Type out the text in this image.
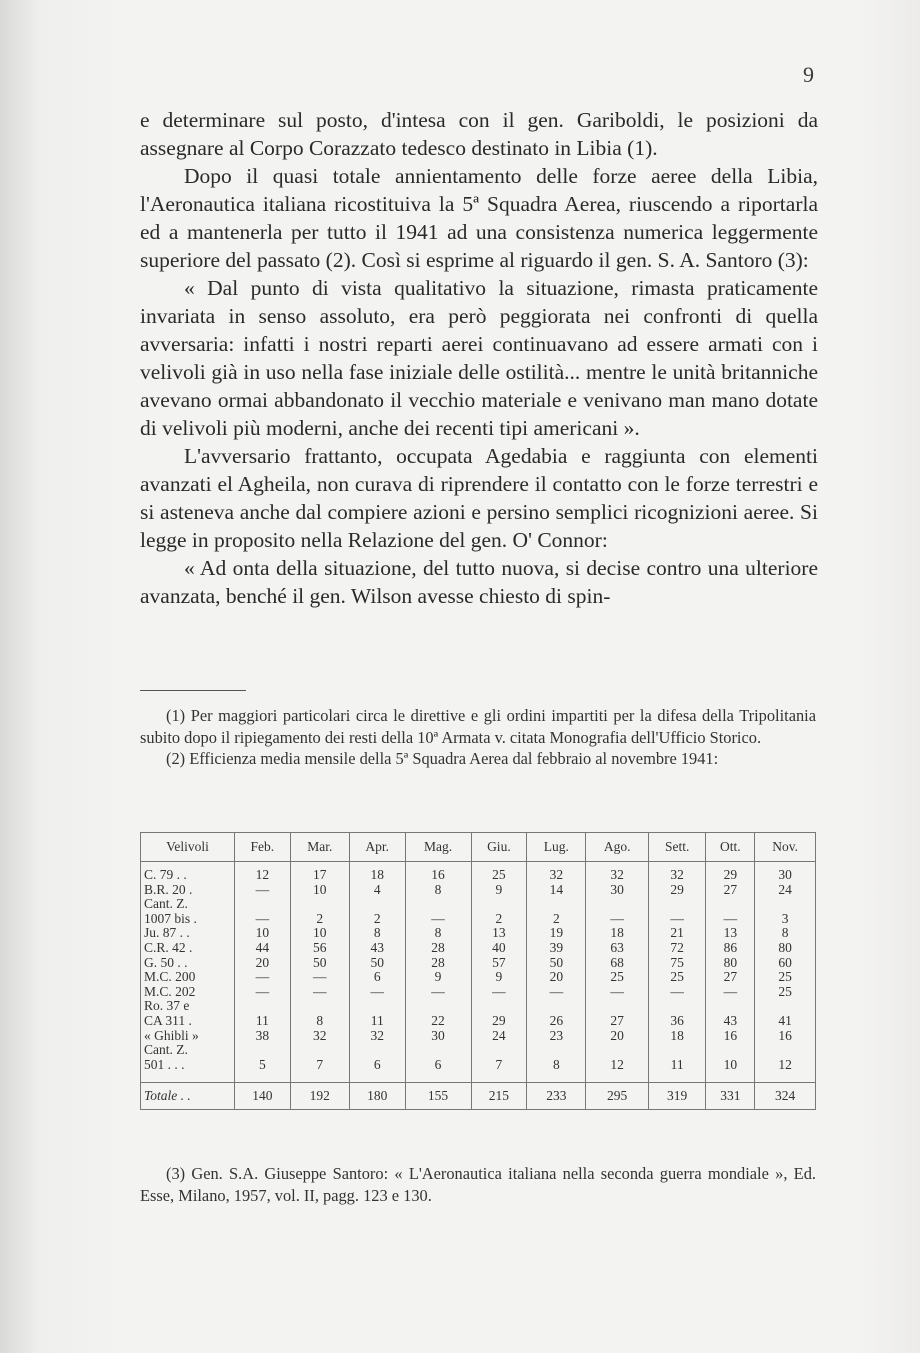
9

e determinare sul posto, d'intesa con il gen. Gariboldi, le posizioni da assegnare al Corpo Corazzato tedesco destinato in Libia (1).

Dopo il quasi totale annientamento delle forze aeree della Libia, l'Aeronautica italiana ricostituiva la 5ª Squadra Aerea, riuscendo a riportarla ed a mantenerla per tutto il 1941 ad una consistenza numerica leggermente superiore del passato (2). Così si esprime al riguardo il gen. S. A. Santoro (3):

« Dal punto di vista qualitativo la situazione, rimasta praticamente invariata in senso assoluto, era però peggiorata nei confronti di quella avversaria: infatti i nostri reparti aerei continuavano ad essere armati con i velivoli già in uso nella fase iniziale delle ostilità... mentre le unità britanniche avevano ormai abbandonato il vecchio materiale e venivano man mano dotate di velivoli più moderni, anche dei recenti tipi americani ».

L'avversario frattanto, occupata Agedabia e raggiunta con elementi avanzati el Agheila, non curava di riprendere il contatto con le forze terrestri e si asteneva anche dal compiere azioni e persino semplici ricognizioni aeree. Si legge in proposito nella Relazione del gen. O' Connor:

« Ad onta della situazione, del tutto nuova, si decise contro una ulteriore avanzata, benché il gen. Wilson avesse chiesto di spin-

(1) Per maggiori particolari circa le direttive e gli ordini impartiti per la difesa della Tripolitania subito dopo il ripiegamento dei resti della 10ª Armata v. citata Monografia dell'Ufficio Storico.

(2) Efficienza media mensile della 5ª Squadra Aerea dal febbraio al novembre 1941:

Velivoli	Feb.	Mar.	Apr.	Mag.	Giu.	Lug.	Ago.	Sett.	Ott.	Nov.
C. 79 . .	12	17	18	16	25	32	32	32	29	30
B.R. 20 .	—	10	4	8	9	14	30	29	27	24
Cant. Z.										
1007 bis .	—	2	2	—	2	2	—	—	—	3
Ju. 87 . .	10	10	8	8	13	19	18	21	13	8
C.R. 42 .	44	56	43	28	40	39	63	72	86	80
G. 50 . .	20	50	50	28	57	50	68	75	80	60
M.C. 200	—	—	6	9	9	20	25	25	27	25
M.C. 202	—	—	—	—	—	—	—	—	—	25
Ro. 37 e										
CA 311 .	11	8	11	22	29	26	27	36	43	41
« Ghibli »	38	32	32	30	24	23	20	18	16	16
Cant. Z.										
501 . . .	5	7	6	6	7	8	12	11	10	12

Totale . .	140	192	180	155	215	233	295	319	331	324

(3) Gen. S.A. Giuseppe Santoro: « L'Aeronautica italiana nella seconda guerra mondiale », Ed. Esse, Milano, 1957, vol. II, pagg. 123 e 130.
